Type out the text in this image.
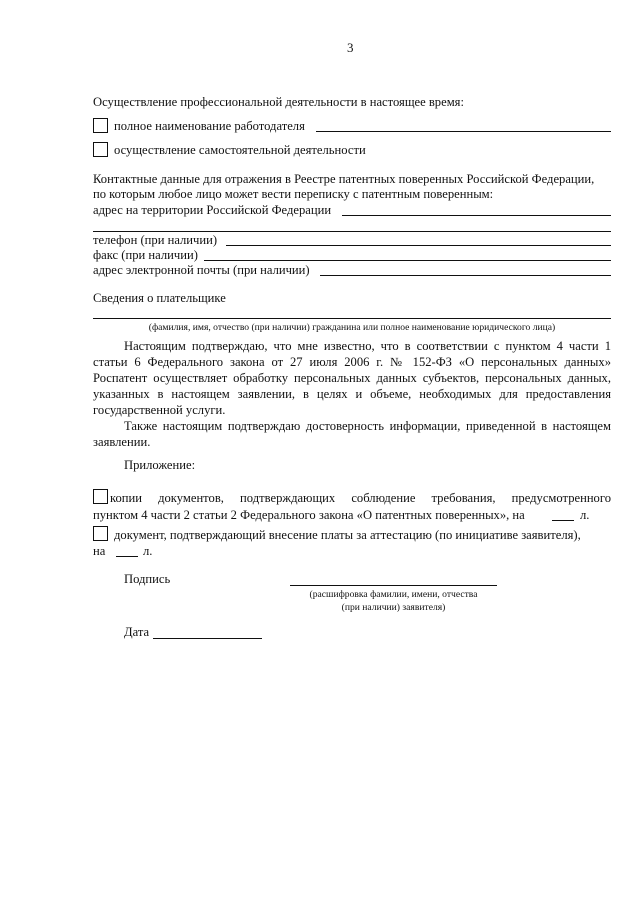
3
Осуществление профессиональной деятельности в настоящее время:
полное наименование работодателя
осуществление самостоятельной деятельности
Контактные данные для отражения в Реестре патентных поверенных Российской Федерации,
по которым любое лицо может вести переписку с патентным поверенным:
адрес на территории Российской Федерации
телефон (при наличии)
факс (при наличии)
адрес электронной почты (при наличии)
Сведения о плательщике
(фамилия, имя, отчество (при наличии) гражданина или полное наименование юридического лица)
Настоящим подтверждаю, что мне известно, что в соответствии с пунктом 4 части 1
статьи 6 Федерального закона от 27 июля 2006 г. № 152-ФЗ «О персональных данных»
Роспатент осуществляет обработку персональных данных субъектов, персональных данных,
указанных в настоящем заявлении, в целях и объеме, необходимых для предоставления
государственной услуги.
Также настоящим подтверждаю достоверность информации, приведенной в настоящем
заявлении.
Приложение:
копии документов, подтверждающих соблюдение требования, предусмотренного
пунктом 4 части 2 статьи 2 Федерального закона «О патентных поверенных», на	л.
документ, подтверждающий внесение платы за аттестацию (по инициативе заявителя),
на	л.
Подпись
(расшифровка фамилии, имени, отчества
(при наличии) заявителя)
Дата
